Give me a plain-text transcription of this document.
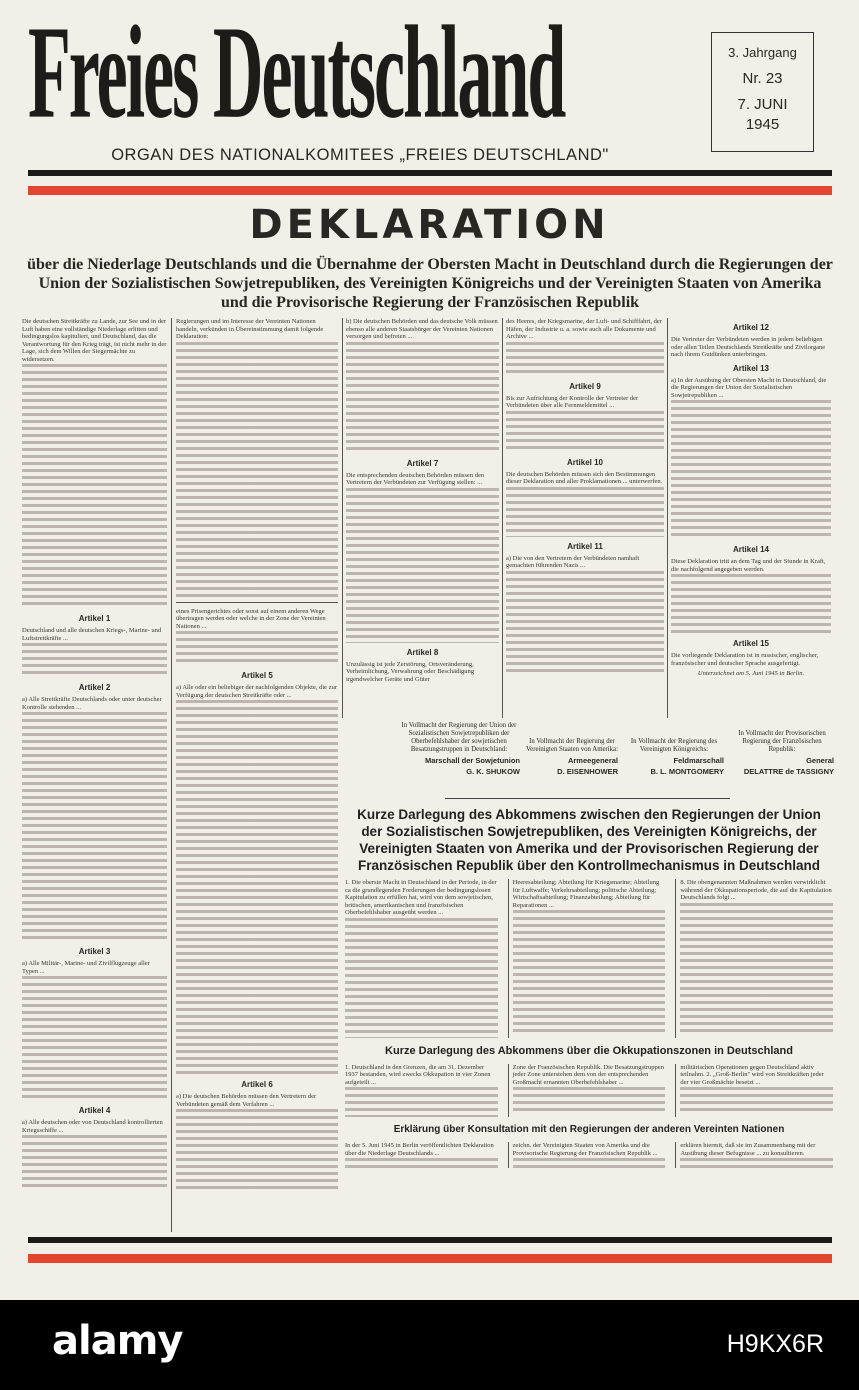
Freies Deutschland
ORGAN DES NATIONALKOMITEES „FREIES DEUTSCHLAND"
3. Jahrgang
Nr. 23
7. JUNI
1945
DEKLARATION
über die Niederlage Deutschlands und die Übernahme der Obersten Macht in Deutschland durch die Regierungen der Union der Sozialistischen Sowjetrepubliken, des Vereinigten Königreichs und der Vereinigten Staaten von Amerika und die Provisorische Regierung der Französischen Republik
Die deutschen Streitkräfte zu Lande, zur See und in der Luft haben eine vollständige Niederlage erlitten und bedingungslos kapituliert, und Deutschland, das die Verantwortung für den Krieg trägt, ist nicht mehr in der Lage, sich dem Willen der Siegermächte zu widersetzen.
Artikel 1
Deutschland und alle deutschen Kriegs-, Marine- und Luftstreitkräfte ...
Artikel 2
a) Alle Streitkräfte Deutschlands oder unter deutscher Kontrolle stehenden ...
Artikel 3
a) Alle Militär-, Marine- und Zivilflugzeuge aller Typen ...
Artikel 4
a) Alle deutschen oder von Deutschland kontrollierten Kriegsschiffe ...
Regierungen und im Interesse der Vereinten Nationen handeln, verkünden in Übereinstimmung damit folgende Deklaration:
eines Prisengerichtes oder sonst auf einem anderen Wege übertragen werden oder welche in der Zone der Vereinten Nationen ...
Artikel 5
a) Alle oder ein beliebiger der nachfolgenden Objekte, die zur Verfügung der deutschen Streitkräfte oder ...
Artikel 6
a) Die deutschen Behörden müssen den Vertretern der Verbündeten gemäß dem Verfahren ...
b) Die deutschen Behörden und das deutsche Volk müssen ebenso alle anderen Staatsbürger der Vereinten Nationen versorgen und befreien ...
Artikel 7
Die entsprechenden deutschen Behörden müssen den Vertretern der Verbündeten zur Verfügung stellen: ...
Artikel 8
Unzulässig ist jede Zerstörung, Ortsveränderung, Verheimlichung, Verwahrung oder Beschädigung irgendwelcher Geräte und Güter
des Heeres, der Kriegsmarine, der Luft- und Schifffahrt, der Häfen, der Industrie u. a. sowie auch alle Dokumente und Archive ...
Artikel 9
Bis zur Aufrichtung der Kontrolle der Vertreter der Verbündeten über alle Fernmeldemittel ...
Artikel 10
Die deutschen Behörden müssen sich den Bestimmungen dieser Deklaration und aller Proklamationen ... unterwerfen.
Artikel 11
a) Die von den Vertretern der Verbündeten namhaft gemachten führenden Nazis ...
Artikel 12
Die Vertreter der Verbündeten werden in jedem beliebigen oder allen Teilen Deutschlands Streitkräfte und Zivilorgane nach ihrem Gutdünken unterbringen.
Artikel 13
a) In der Ausübung der Obersten Macht in Deutschland, die die Regierungen der Union der Sozialistischen Sowjetrepubliken ...
Artikel 14
Diese Deklaration tritt an dem Tag und der Stunde in Kraft, die nachfolgend angegeben werden.
Artikel 15
Die vorliegende Deklaration ist in russischer, englischer, französischer und deutscher Sprache ausgefertigt.
Unterzeichnet am 5. Juni 1945 in Berlin.
In Vollmacht der Regierung der Union der Sozialistischen Sowjetrepubliken der Oberbefehlshaber der sowjetischen Besatzungstruppen in Deutschland:
Marschall der Sowjetunion
G. K. SHUKOW
In Vollmacht der Regierung der Vereinigten Staaten von Amerika:
Armeegeneral
D. EISENHOWER
In Vollmacht der Regierung des Vereinigten Königreichs:
Feldmarschall
B. L. MONTGOMERY
In Vollmacht der Provisorischen Regierung der Französischen Republik:
General
DELATTRE de TASSIGNY
Kurze Darlegung des Abkommens zwischen den Regierungen der Union der Sozialistischen Sowjetrepubliken, des Vereinigten Königreichs, der Vereinigten Staaten von Amerika und der Provisorischen Regierung der Französischen Republik über den Kontrollmechanismus in Deutschland
1. Die oberste Macht in Deutschland in der Periode, in der ca die grundlegenden Forderungen der bedingungslosen Kapitulation zu erfüllen hat, wird von dem sowjetischen, britischen, amerikanischen und französischen Oberbefehlshaber ausgeübt werden ...
Heeresabteilung; Abteilung für Kriegsmarine; Abteilung für Luftwaffe; Verkehrsabteilung; politische Abteilung; Wirtschaftsabteilung; Finanzabteilung; Abteilung für Reparationen ...
8. Die obengenannten Maßnahmen werden verwirklicht während der Okkupationsperiode, die auf die Kapitulation Deutschlands folgt ...
Kurze Darlegung des Abkommens über die Okkupationszonen in Deutschland
1. Deutschland in den Grenzen, die am 31. Dezember 1937 bestanden, wird zwecks Okkupation in vier Zonen aufgeteilt ...
Zone der Französischen Republik. Die Besatzungstruppen jeder Zone unterstehen dem von der entsprechenden Großmacht ernannten Oberbefehlshaber ...
militärischen Operationen gegen Deutschland aktiv teilnahm. 2. „Groß-Berlin" wird von Streitkräften jeder der vier Großmächte besetzt ...
Erklärung über Konsultation mit den Regierungen der anderen Vereinten Nationen
In der 5. Juni 1945 in Berlin veröffentlichten Deklaration über die Niederlage Deutschlands ...
zeichn. der Vereinigten Staaten von Amerika und die Provisorische Regierung der Französischen Republik ...
erklären hiermit, daß sie im Zusammenhang mit der Ausübung dieser Befugnisse ... zu konsultieren.
alamy	H9KX6R
